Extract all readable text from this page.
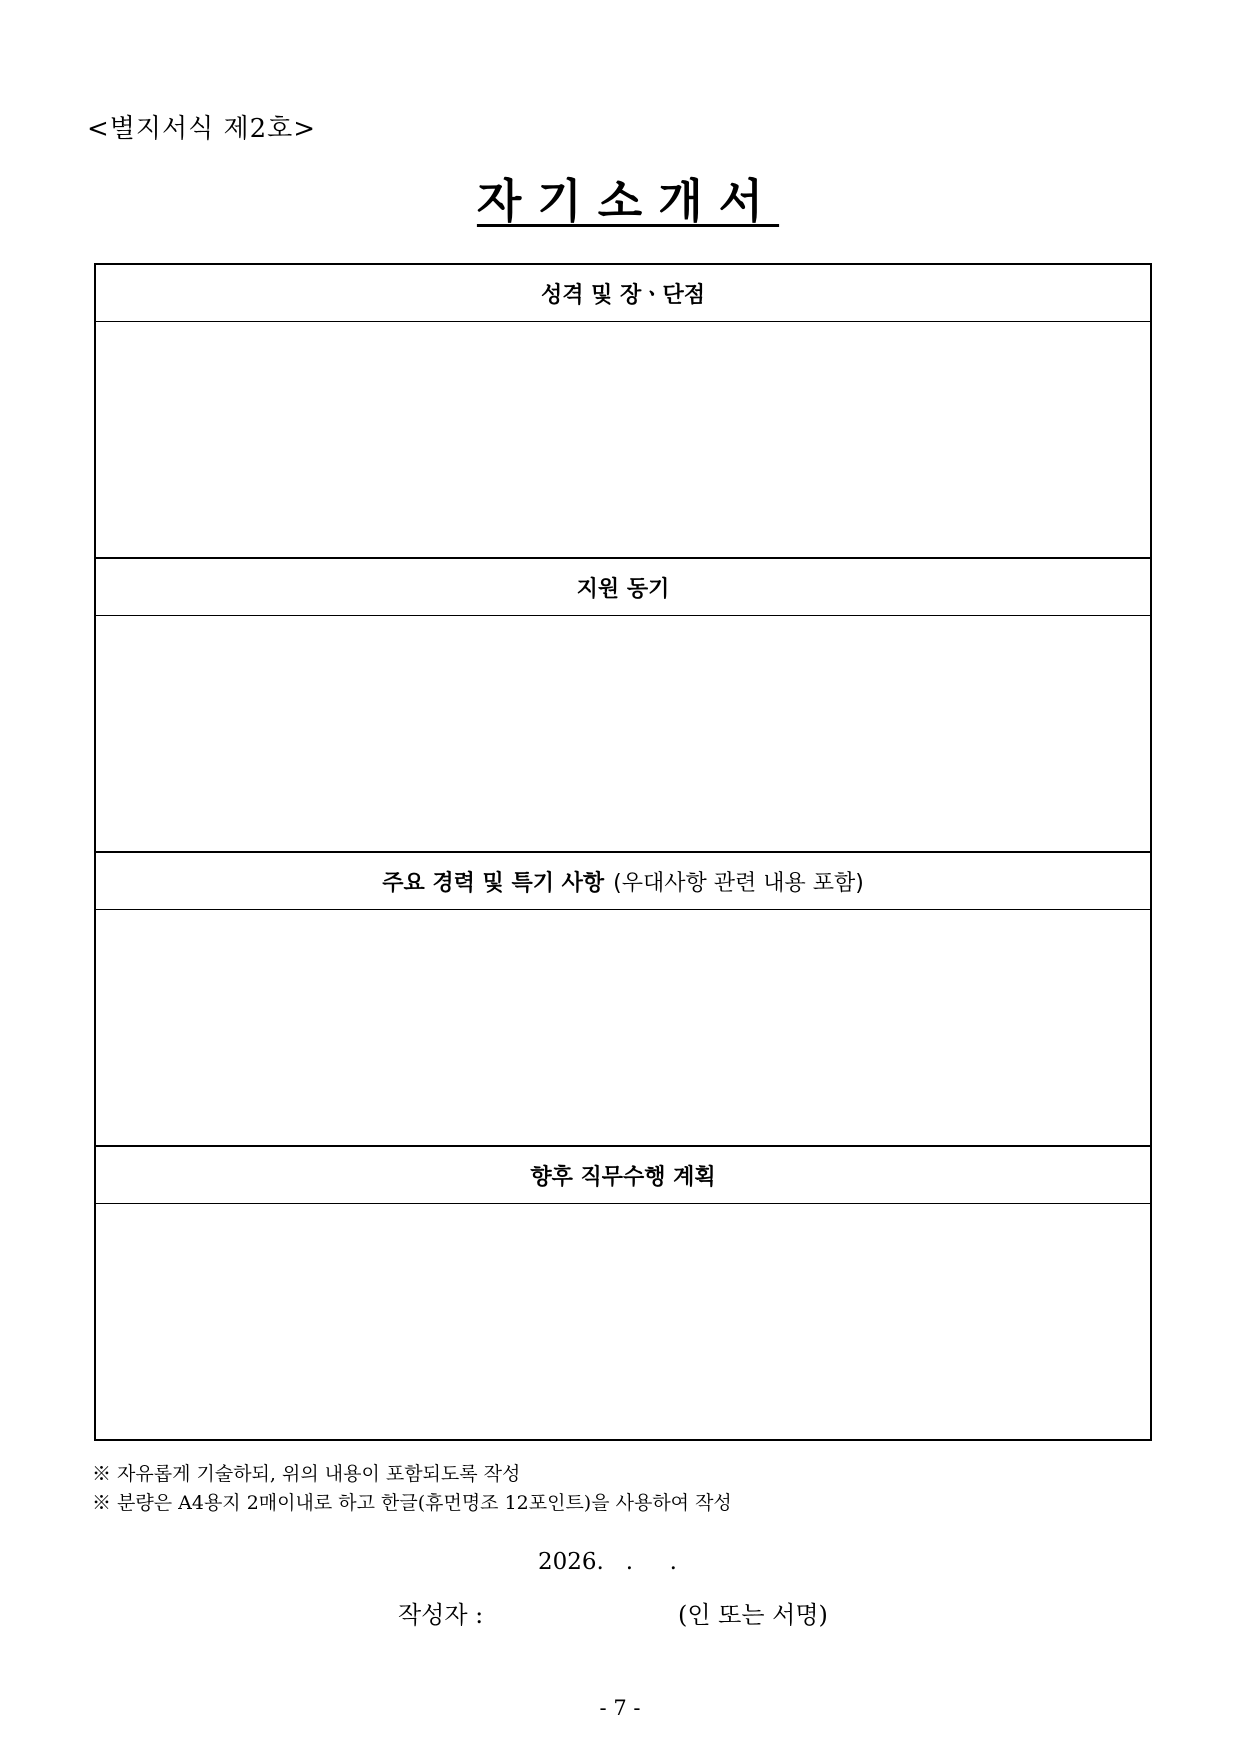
<별지서식 제2호>
자기소개서
성격 및 장ㆍ단점
지원 동기
주요 경력 및 특기 사항 (우대사항 관련 내용 포함)
향후 직무수행 계획
※ 자유롭게 기술하되, 위의 내용이 포함되도록 작성
※ 분량은 A4용지 2매이내로 하고 한글(휴먼명조 12포인트)을 사용하여 작성
2026.   .     .
작성자 :	(인 또는 서명)
- 7 -
